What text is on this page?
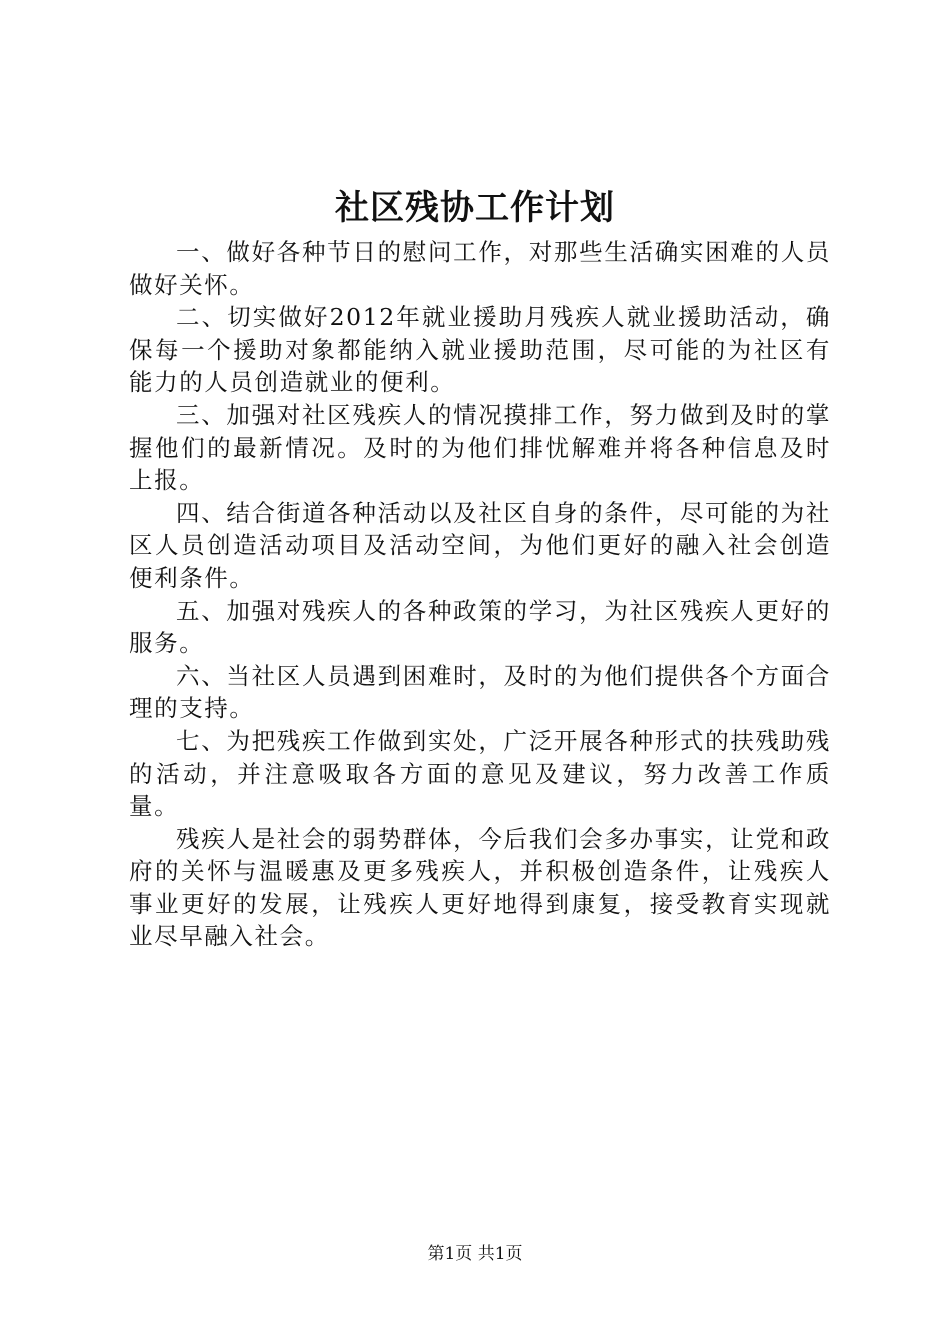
社区残协工作计划

一、做好各种节日的慰问工作，对那些生活确实困难的人员做好关怀。

二、切实做好2012年就业援助月残疾人就业援助活动，确保每一个援助对象都能纳入就业援助范围，尽可能的为社区有能力的人员创造就业的便利。

三、加强对社区残疾人的情况摸排工作，努力做到及时的掌握他们的最新情况。及时的为他们排忧解难并将各种信息及时上报。

四、结合街道各种活动以及社区自身的条件，尽可能的为社区人员创造活动项目及活动空间，为他们更好的融入社会创造便利条件。

五、加强对残疾人的各种政策的学习，为社区残疾人更好的服务。

六、当社区人员遇到困难时，及时的为他们提供各个方面合理的支持。

七、为把残疾工作做到实处，广泛开展各种形式的扶残助残的活动，并注意吸取各方面的意见及建议，努力改善工作质量。

残疾人是社会的弱势群体，今后我们会多办事实，让党和政府的关怀与温暖惠及更多残疾人，并积极创造条件，让残疾人事业更好的发展，让残疾人更好地得到康复，接受教育实现就业尽早融入社会。

第1页 共1页
